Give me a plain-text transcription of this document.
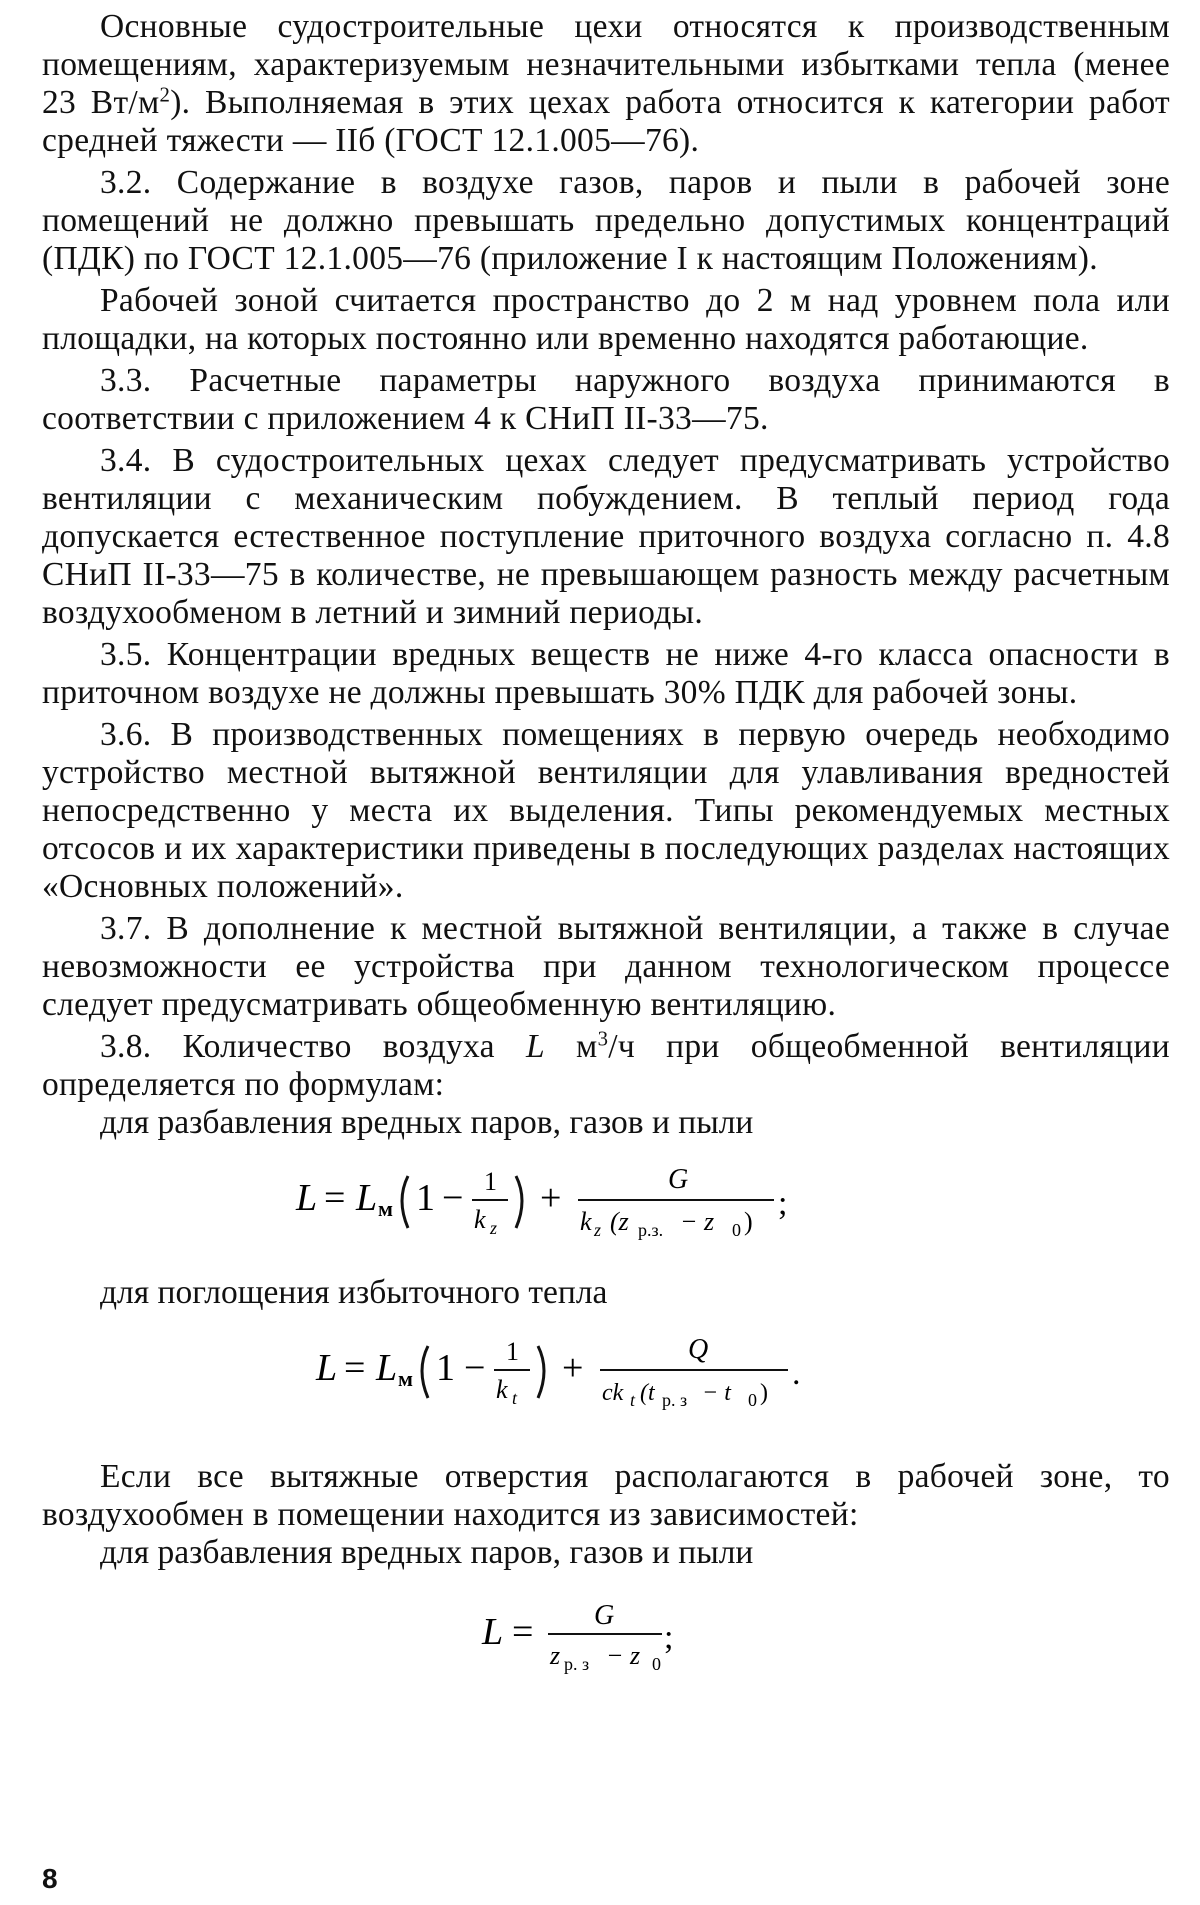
Основные судостроительные цехи относятся к производственным помещениям, характеризуемым незначительными избытками тепла (менее 23 $Вт/м^2$). Выполняемая в этих цехах работа относится к категории работ средней тяжести — IIб (ГОСТ 12.1.005—76).

3.2. Содержание в воздухе газов, паров и пыли в рабочей зоне помещений не должно превышать предельно допустимых концентраций (ПДК) по ГОСТ 12.1.005—76 (приложение I к настоящим Положениям).

Рабочей зоной считается пространство до 2 м над уровнем пола или площадки, на которых постоянно или временно находятся работающие.

3.3. Расчетные параметры наружного воздуха принимаются в соответствии с приложением 4 к СНиП II-33—75.

3.4. В судостроительных цехах следует предусматривать устройство вентиляции с механическим побуждением. В теплый период года допускается естественное поступление приточного воздуха согласно п. 4.8 СНиП II-33—75 в количестве, не превышающем разность между расчетным воздухообменом в летний и зимний периоды.

3.5. Концентрации вредных веществ не ниже 4-го класса опасности в приточном воздухе не должны превышать 30% ПДК для рабочей зоны.

3.6. В производственных помещениях в первую очередь необходимо устройство местной вытяжной вентиляции для улавливания вредностей непосредственно у места их выделения. Типы рекомендуемых местных отсосов и их характеристики приведены в последующих разделах настоящих «Основных положений».

3.7. В дополнение к местной вытяжной вентиляции, а также в случае невозможности ее устройства при данном технологическом процессе следует предусматривать общеобменную вентиляцию.

3.8. Количество воздуха L $м^3/ч$ при общеобменной вентиляции определяется по формулам:

для разбавления вредных паров, газов и пыли

L = L м 1 − 1
k z
+	G
k z (z р.з. − z 0 ) ;

для поглощения избыточного тепла

L = L м 1 − 1
k t
+	Q
ck t (t р. з − t 0 )
.

Если все вытяжные отверстия располагаются в рабочей зоне, то воздухообмен в помещении находится из зависимостей:

для разбавления вредных паров, газов и пыли

L = G
z р. з − z 0
;
8
